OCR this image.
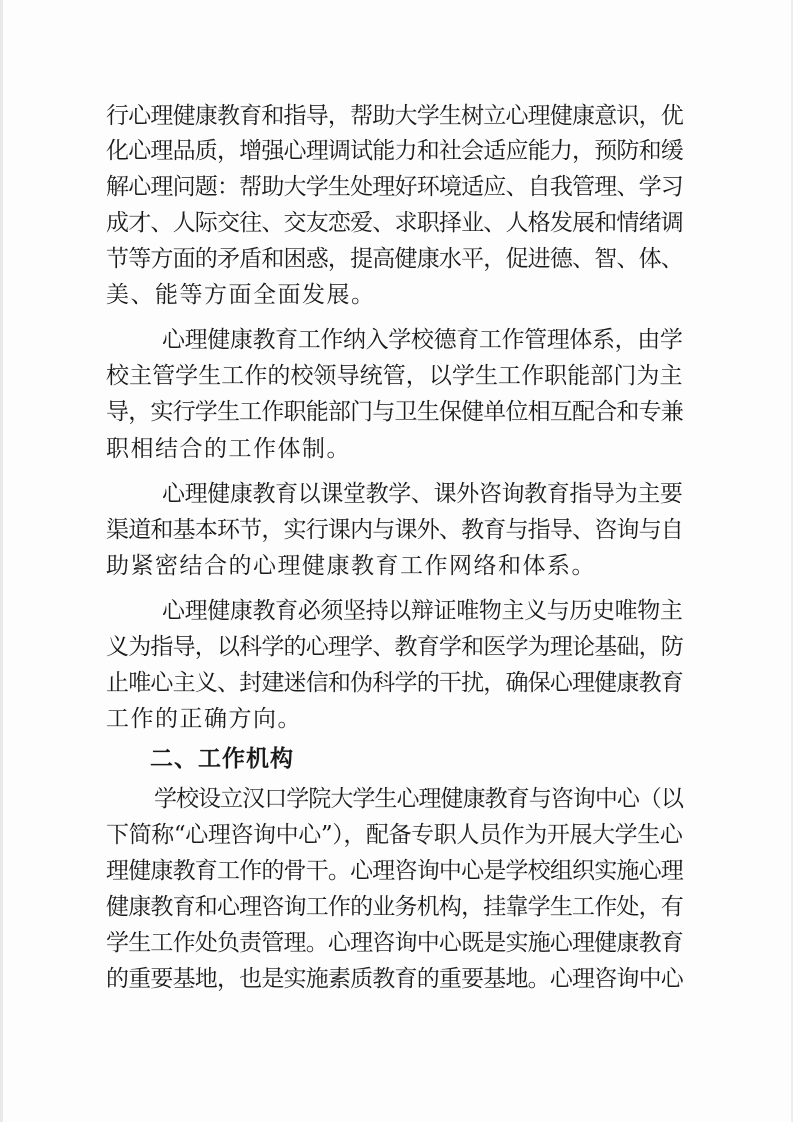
行心理健康教育和指导，帮助大学生树立心理健康意识，优
化心理品质，增强心理调试能力和社会适应能力，预防和缓
解心理问题：帮助大学生处理好环境适应、自我管理、学习
成才、人际交往、交友恋爱、求职择业、人格发展和情绪调
节等方面的矛盾和困惑，提高健康水平，促进德、智、体、
美、能等方面全面发展。
心理健康教育工作纳入学校德育工作管理体系，由学
校主管学生工作的校领导统管，以学生工作职能部门为主
导，实行学生工作职能部门与卫生保健单位相互配合和专兼
职相结合的工作体制。
心理健康教育以课堂教学、课外咨询教育指导为主要
渠道和基本环节，实行课内与课外、教育与指导、咨询与自
助紧密结合的心理健康教育工作网络和体系。
心理健康教育必须坚持以辩证唯物主义与历史唯物主
义为指导，以科学的心理学、教育学和医学为理论基础，防
止唯心主义、封建迷信和伪科学的干扰，确保心理健康教育
工作的正确方向。
二、工作机构
学校设立汉口学院大学生心理健康教育与咨询中心（以
下简称“心理咨询中心”），配备专职人员作为开展大学生心
理健康教育工作的骨干。心理咨询中心是学校组织实施心理
健康教育和心理咨询工作的业务机构，挂靠学生工作处，有
学生工作处负责管理。心理咨询中心既是实施心理健康教育
的重要基地，也是实施素质教育的重要基地。心理咨询中心
